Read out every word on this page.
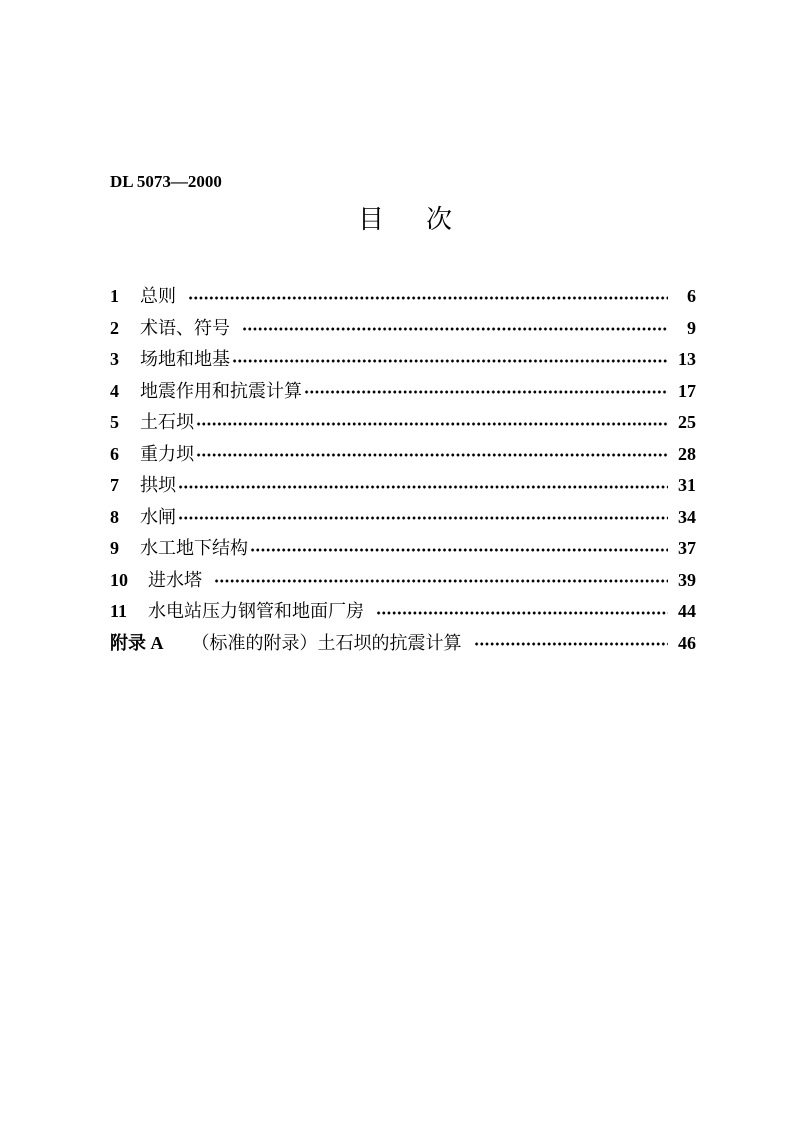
DL 5073—2000
目 次
1	总则	6
2	术语、符号	9
3	场地和地基	13
4	地震作用和抗震计算	17
5	土石坝	25
6	重力坝	28
7	拱坝	31
8	水闸	34
9	水工地下结构	37
10	进水塔	39
11	水电站压力钢管和地面厂房	44
附录 A （标准的附录）土石坝的抗震计算	46
